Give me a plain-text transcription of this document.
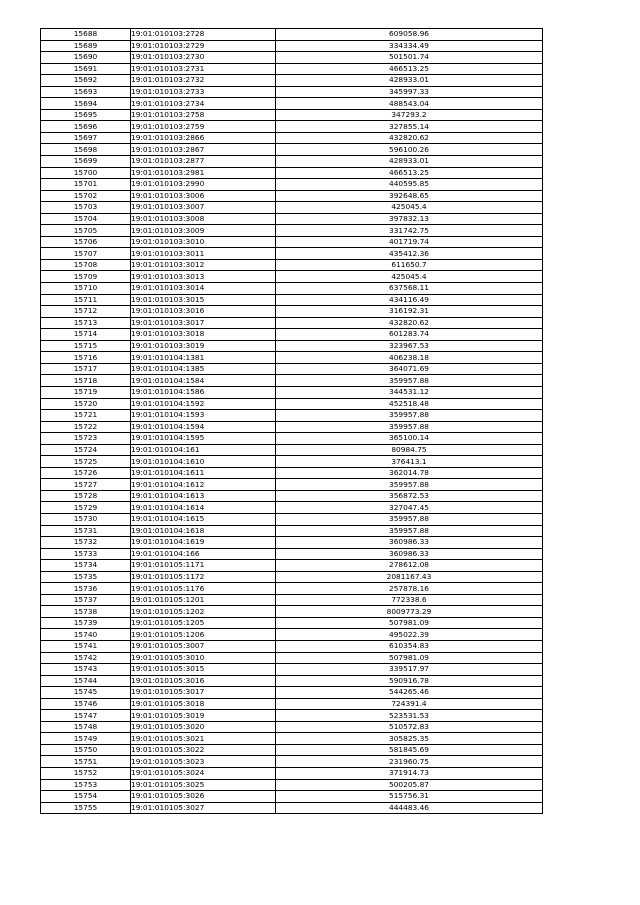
15688	19:01:010103:2728	609058.96
15689	19:01:010103:2729	334334.49
15690	19:01:010103:2730	501501.74
15691	19:01:010103:2731	466513.25
15692	19:01:010103:2732	428933.01
15693	19:01:010103:2733	345997.33
15694	19:01:010103:2734	488543.04
15695	19:01:010103:2758	347293.2
15696	19:01:010103:2759	327855.14
15697	19:01:010103:2866	432820.62
15698	19:01:010103:2867	596100.26
15699	19:01:010103:2877	428933.01
15700	19:01:010103:2981	466513.25
15701	19:01:010103:2990	440595.85
15702	19:01:010103:3006	392648.65
15703	19:01:010103:3007	425045.4
15704	19:01:010103:3008	397832.13
15705	19:01:010103:3009	331742.75
15706	19:01:010103:3010	401719.74
15707	19:01:010103:3011	435412.36
15708	19:01:010103:3012	611650.7
15709	19:01:010103:3013	425045.4
15710	19:01:010103:3014	637568.11
15711	19:01:010103:3015	434116.49
15712	19:01:010103:3016	316192.31
15713	19:01:010103:3017	432820.62
15714	19:01:010103:3018	601283.74
15715	19:01:010103:3019	323967.53
15716	19:01:010104:1381	406238.18
15717	19:01:010104:1385	364071.69
15718	19:01:010104:1584	359957.88
15719	19:01:010104:1586	344531.12
15720	19:01:010104:1592	452518.48
15721	19:01:010104:1593	359957.88
15722	19:01:010104:1594	359957.88
15723	19:01:010104:1595	365100.14
15724	19:01:010104:161	80984.75
15725	19:01:010104:1610	376413.1
15726	19:01:010104:1611	362014.78
15727	19:01:010104:1612	359957.88
15728	19:01:010104:1613	356872.53
15729	19:01:010104:1614	327047.45
15730	19:01:010104:1615	359957.88
15731	19:01:010104:1618	359957.88
15732	19:01:010104:1619	360986.33
15733	19:01:010104:166	360986.33
15734	19:01:010105:1171	278612.08
15735	19:01:010105:1172	2081167.43
15736	19:01:010105:1176	257878.16
15737	19:01:010105:1201	772338.6
15738	19:01:010105:1202	8009773.29
15739	19:01:010105:1205	507981.09
15740	19:01:010105:1206	495022.39
15741	19:01:010105:3007	610354.83
15742	19:01:010105:3010	507981.09
15743	19:01:010105:3015	339517.97
15744	19:01:010105:3016	590916.78
15745	19:01:010105:3017	544265.46
15746	19:01:010105:3018	724391.4
15747	19:01:010105:3019	523531.53
15748	19:01:010105:3020	510572.83
15749	19:01:010105:3021	305825.35
15750	19:01:010105:3022	581845.69
15751	19:01:010105:3023	231960.75
15752	19:01:010105:3024	371914.73
15753	19:01:010105:3025	500205.87
15754	19:01:010105:3026	515756.31
15755	19:01:010105:3027	444483.46
